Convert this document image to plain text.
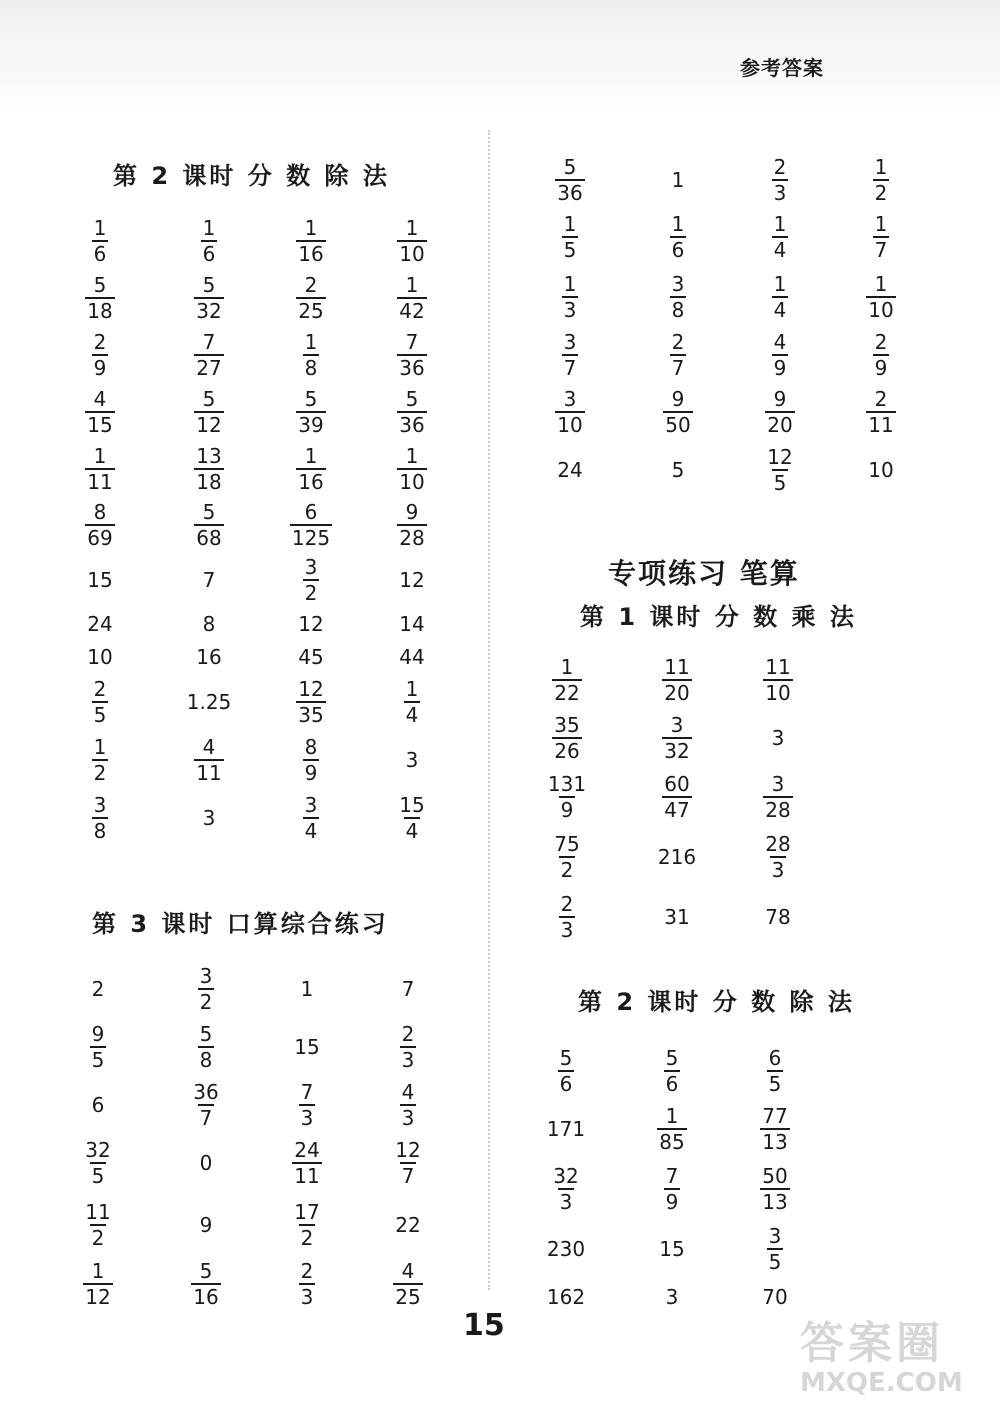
参考答案
第 2 课时 分 数 除 法
$\frac{1}{6}$	$\frac{1}{6}$	$\frac{1}{16}$	$\frac{1}{10}$
$\frac{5}{18}$	$\frac{5}{32}$	$\frac{2}{25}$	$\frac{1}{42}$
$\frac{2}{9}$	$\frac{7}{27}$	$\frac{1}{8}$	$\frac{7}{36}$
$\frac{4}{15}$	$\frac{5}{12}$	$\frac{5}{39}$	$\frac{5}{36}$
$\frac{1}{11}$	$\frac{13}{18}$	$\frac{1}{16}$	$\frac{1}{10}$
$\frac{8}{69}$	$\frac{5}{68}$	$\frac{6}{125}$	$\frac{9}{28}$
15	7	$\frac{3}{2}$	12
24	8	12	14
10	16	45	44
$\frac{2}{5}$	1.25	$\frac{12}{35}$	$\frac{1}{4}$
$\frac{1}{2}$	$\frac{4}{11}$	$\frac{8}{9}$	3
$\frac{3}{8}$	3	$\frac{3}{4}$	$\frac{15}{4}$
第 3 课时 口算综合练习
2	$\frac{3}{2}$	1	7
$\frac{9}{5}$	$\frac{5}{8}$	15	$\frac{2}{3}$
6	$\frac{36}{7}$	$\frac{7}{3}$	$\frac{4}{3}$
$\frac{32}{5}$	0	$\frac{24}{11}$	$\frac{12}{7}$
$\frac{11}{2}$	9	$\frac{17}{2}$	22
$\frac{1}{12}$	$\frac{5}{16}$	$\frac{2}{3}$	$\frac{4}{25}$
$\frac{5}{36}$	1	$\frac{2}{3}$	$\frac{1}{2}$
$\frac{1}{5}$	$\frac{1}{6}$	$\frac{1}{4}$	$\frac{1}{7}$
$\frac{1}{3}$	$\frac{3}{8}$	$\frac{1}{4}$	$\frac{1}{10}$
$\frac{3}{7}$	$\frac{2}{7}$	$\frac{4}{9}$	$\frac{2}{9}$
$\frac{3}{10}$	$\frac{9}{50}$	$\frac{9}{20}$	$\frac{2}{11}$
24	5	$\frac{12}{5}$	10
专项练习 笔算
第 1 课时 分 数 乘 法
$\frac{1}{22}$	$\frac{11}{20}$	$\frac{11}{10}$
$\frac{35}{26}$	$\frac{3}{32}$	3
$\frac{131}{9}$	$\frac{60}{47}$	$\frac{3}{28}$
$\frac{75}{2}$	216	$\frac{28}{3}$
$\frac{2}{3}$	31	78
第 2 课时 分 数 除 法
$\frac{5}{6}$	$\frac{5}{6}$	$\frac{6}{5}$
171	$\frac{1}{85}$	$\frac{77}{13}$
$\frac{32}{3}$	$\frac{7}{9}$	$\frac{50}{13}$
230	15	$\frac{3}{5}$
162	3	70
15	答案圈
MXQE.COM
